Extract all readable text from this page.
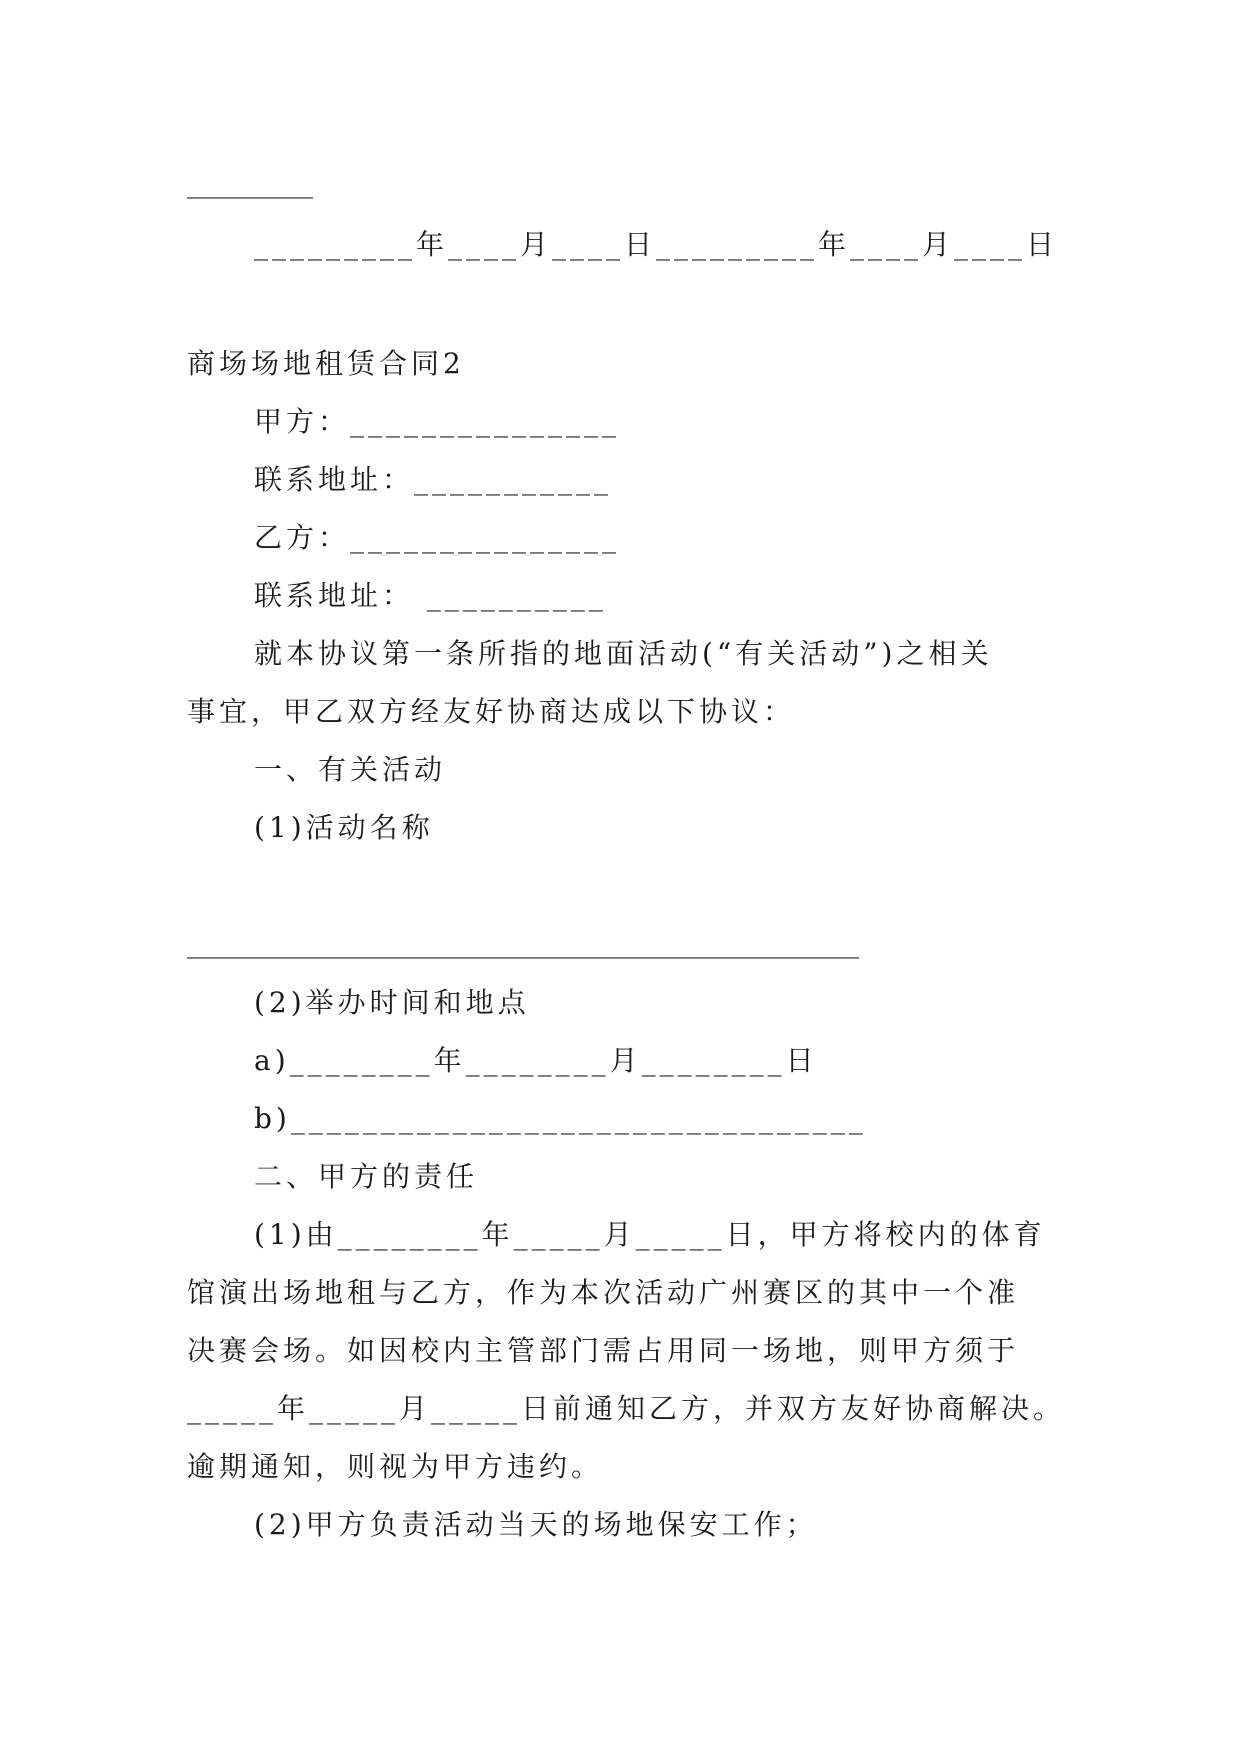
_________
_________年____月____日_________年____月____日
商场场地租赁合同2
甲方：_______________
联系地址：___________
乙方：_______________
联系地址： __________
就本协议第一条所指的地面活动(“有关活动”)之相关
事宜，甲乙双方经友好协商达成以下协议：
一、有关活动
(1)活动名称
________________________________________________
(2)举办时间和地点
a)________年________月________日
b)________________________________
二、甲方的责任
(1)由________年_____月_____日，甲方将校内的体育
馆演出场地租与乙方，作为本次活动广州赛区的其中一个准
决赛会场。如因校内主管部门需占用同一场地，则甲方须于
_____年_____月_____日前通知乙方，并双方友好协商解决。
逾期通知，则视为甲方违约。
(2)甲方负责活动当天的场地保安工作；
